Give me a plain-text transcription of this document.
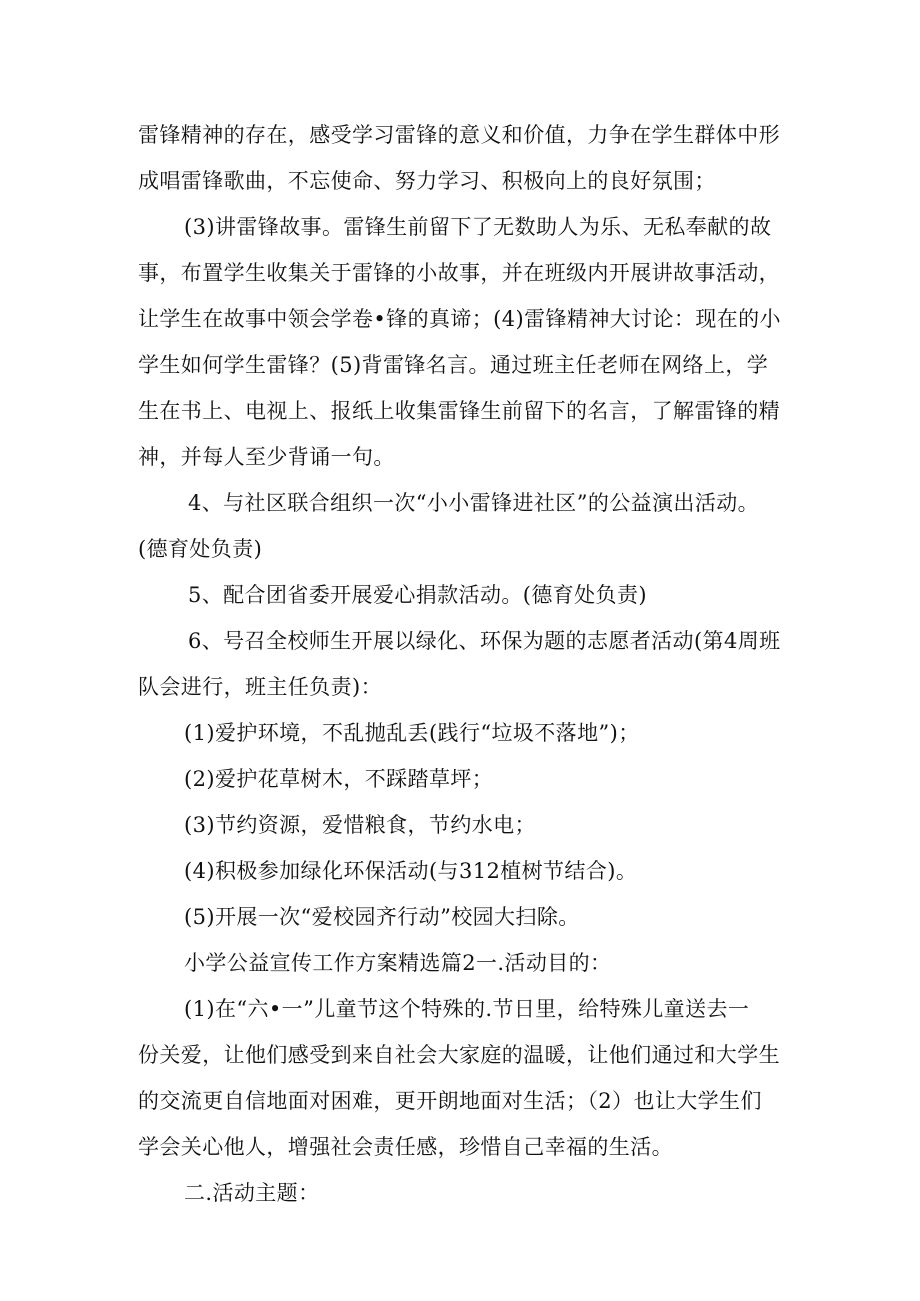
雷锋精神的存在，感受学习雷锋的意义和价值，力争在学生群体中形
成唱雷锋歌曲，不忘使命、努力学习、积极向上的良好氛围；
(3)讲雷锋故事。雷锋生前留下了无数助人为乐、无私奉献的故
事，布置学生收集关于雷锋的小故事，并在班级内开展讲故事活动，
让学生在故事中领会学卷•锋的真谛；(4)雷锋精神大讨论：现在的小
学生如何学生雷锋？(5)背雷锋名言。通过班主任老师在网络上，学
生在书上、电视上、报纸上收集雷锋生前留下的名言，了解雷锋的精
神，并每人至少背诵一句。
4、与社区联合组织一次“小小雷锋进社区”的公益演出活动。
(德育处负责)
5、配合团省委开展爱心捐款活动。(德育处负责)
6、号召全校师生开展以绿化、环保为题的志愿者活动(第4周班
队会进行，班主任负责)：
(1)爱护环境，不乱抛乱丢(践行“垃圾不落地”)；
(2)爱护花草树木，不踩踏草坪；
(3)节约资源，爱惜粮食，节约水电；
(4)积极参加绿化环保活动(与312植树节结合)。
(5)开展一次“爱校园齐行动”校园大扫除。
小学公益宣传工作方案精选篇2一.活动目的：
(1)在“六•一”儿童节这个特殊的.节日里，给特殊儿童送去一
份关爱，让他们感受到来自社会大家庭的温暖，让他们通过和大学生
的交流更自信地面对困难，更开朗地面对生活；（2）也让大学生们
学会关心他人，增强社会责任感，珍惜自己幸福的生活。
二.活动主题：
